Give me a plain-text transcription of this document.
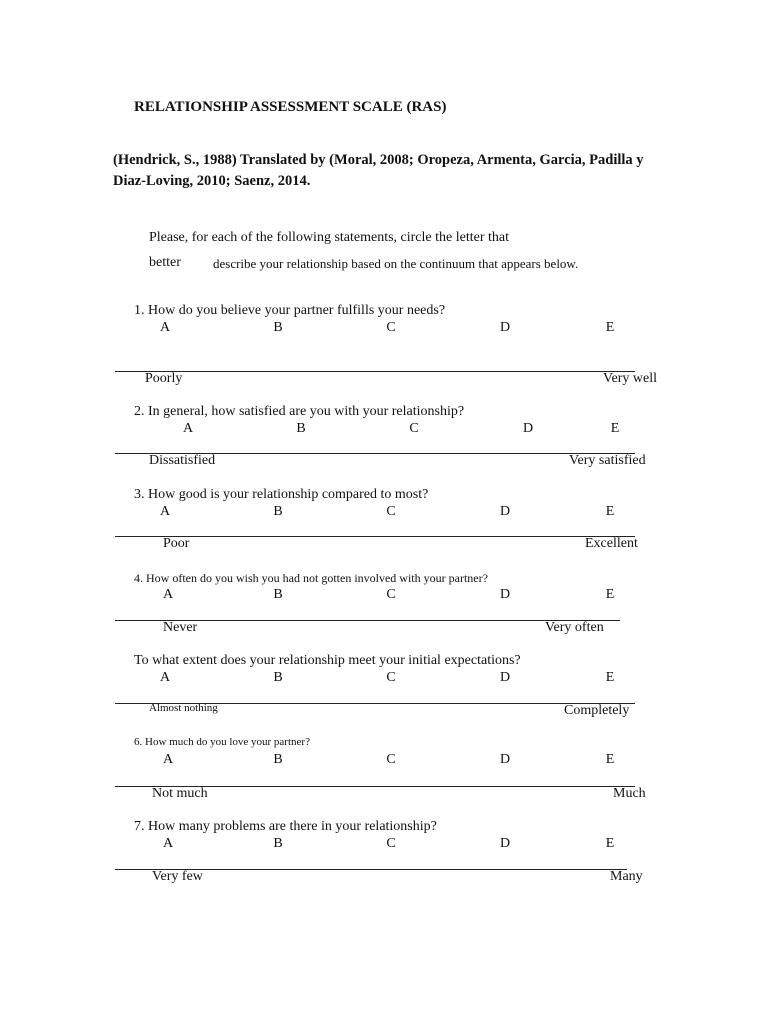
RELATIONSHIP ASSESSMENT SCALE (RAS)
(Hendrick, S., 1988) Translated by (Moral, 2008; Oropeza, Armenta, Garcia, Padilla y Diaz-Loving, 2010; Saenz, 2014.
Please, for each of the following statements, circle the letter that
better describe your relationship based on the continuum that appears below.
1. How do you believe your partner fulfills your needs?
A	B	C	D	E
Poorly	Very well
2. In general, how satisfied are you with your relationship?
A	B	C	D	E
Dissatisfied	Very satisfied
3. How good is your relationship compared to most?
A	B	C	D	E
Poor	Excellent
4. How often do you wish you had not gotten involved with your partner?
A	B	C	D	E
Never	Very often
To what extent does your relationship meet your initial expectations?
A	B	C	D	E
Almost nothing	Completely
6. How much do you love your partner?
A	B	C	D	E
Not much	Much
7. How many problems are there in your relationship?
A	B	C	D	E
Very few	Many
